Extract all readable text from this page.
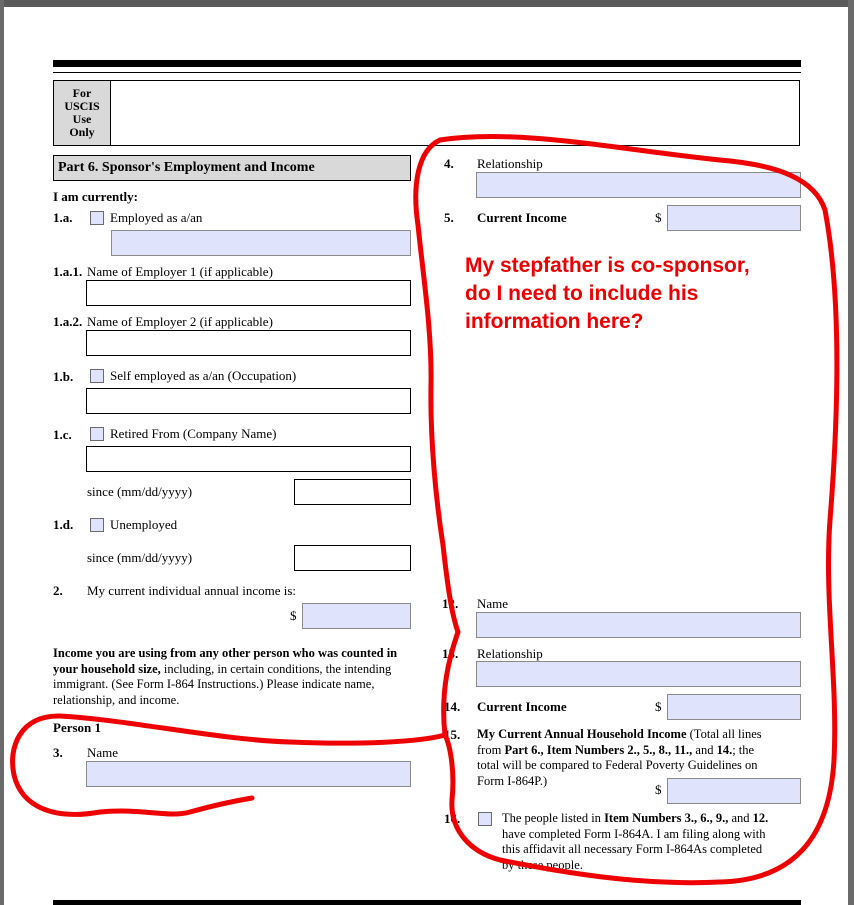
For
USCIS
Use
Only
Part 6. Sponsor's Employment and Income
I am currently:
1.a.	Employed as a/an
1.a.1. Name of Employer 1 (if applicable)
1.a.2. Name of Employer 2 (if applicable)
1.b.	Self employed as a/an (Occupation)
1.c.	Retired From (Company Name)
since (mm/dd/yyyy)
1.d.	Unemployed
since (mm/dd/yyyy)
2. My current individual annual income is:
$
Income you are using from any other person who was counted in your household size, including, in certain conditions, the intending immigrant. (See Form I-864 Instructions.) Please indicate name, relationship, and income.
Person 1
3. Name
4. Relationship
5. Current Income	$
12. Name
13. Relationship
14. Current Income	$
15. My Current Annual Household Income (Total all lines
from Part 6., Item Numbers 2., 5., 8., 11., and 14.; the
total will be compared to Federal Poverty Guidelines on
Form I-864P.)
$
16.	The people listed in Item Numbers 3., 6., 9., and 12.
have completed Form I-864A. I am filing along with
this affidavit all necessary Form I-864As completed
by these people.
My stepfather is co-sponsor,
do I need to include his
information here?
